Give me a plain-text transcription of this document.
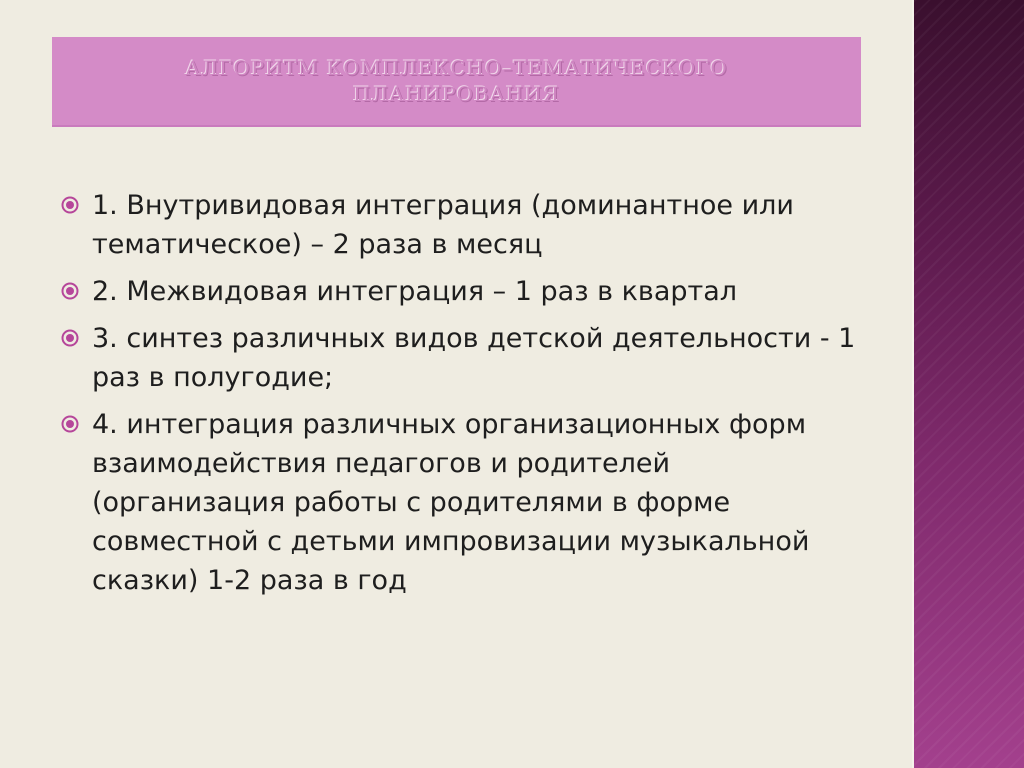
АЛГОРИТМ КОМПЛЕКСНО–ТЕМАТИЧЕСКОГО ПЛАНИРОВАНИЯ
1. Внутривидовая интеграция (доминантное или тематическое) – 2 раза в месяц
2. Межвидовая интеграция – 1 раз в квартал
3. синтез различных видов детской деятельности - 1 раз в полугодие;
4. интеграция различных организационных форм взаимодействия педагогов и родителей (организация работы с родителями в форме совместной с детьми импровизации музыкальной сказки) 1-2 раза в год
